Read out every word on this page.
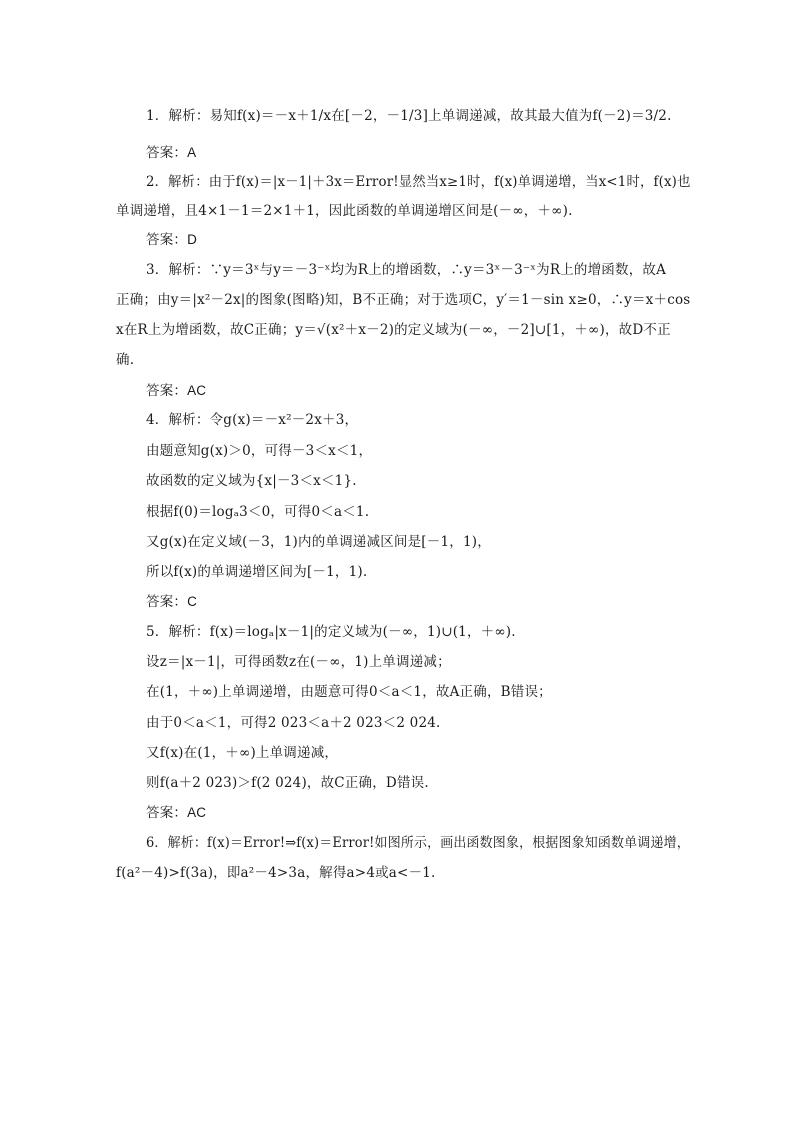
1．解析：易知f(x)＝－x＋1/x在[－2，－1/3]上单调递减，故其最大值为f(－2)＝3/2.
答案：A
2．解析：由于f(x)＝|x－1|＋3x＝Error!显然当x≥1时，f(x)单调递增，当x<1时，f(x)也
单调递增，且4×1－1＝2×1＋1，因此函数的单调递增区间是(－∞，＋∞).
答案：D
3．解析：∵y＝3ˣ与y＝－3⁻ˣ均为R上的增函数，∴y＝3ˣ－3⁻ˣ为R上的增函数，故A
正确；由y＝|x²－2x|的图象(图略)知，B不正确；对于选项C，y′＝1－sin x≥0，∴y＝x＋cos
x在R上为增函数，故C正确；y＝√(x²＋x－2)的定义域为(－∞，－2]∪[1，＋∞)，故D不正
确.
答案：AC
4．解析：令g(x)＝－x²－2x＋3，
由题意知g(x)＞0，可得－3＜x＜1，
故函数的定义域为{x|－3＜x＜1}.
根据f(0)＝logₐ3＜0，可得0＜a＜1.
又g(x)在定义域(－3，1)内的单调递减区间是[－1，1)，
所以f(x)的单调递增区间为[－1，1).
答案：C
5．解析：f(x)＝logₐ|x－1|的定义域为(－∞，1)∪(1，＋∞).
设z＝|x－1|，可得函数z在(－∞，1)上单调递减；
在(1，＋∞)上单调递增，由题意可得0＜a＜1，故A正确，B错误；
由于0＜a＜1，可得2 023＜a＋2 023＜2 024.
又f(x)在(1，＋∞)上单调递减，
则f(a＋2 023)＞f(2 024)，故C正确，D错误.
答案：AC
6．解析：f(x)＝Error!⇒f(x)＝Error!如图所示，画出函数图象，根据图象知函数单调递增，
f(a²－4)>f(3a)，即a²－4>3a，解得a>4或a<－1.
